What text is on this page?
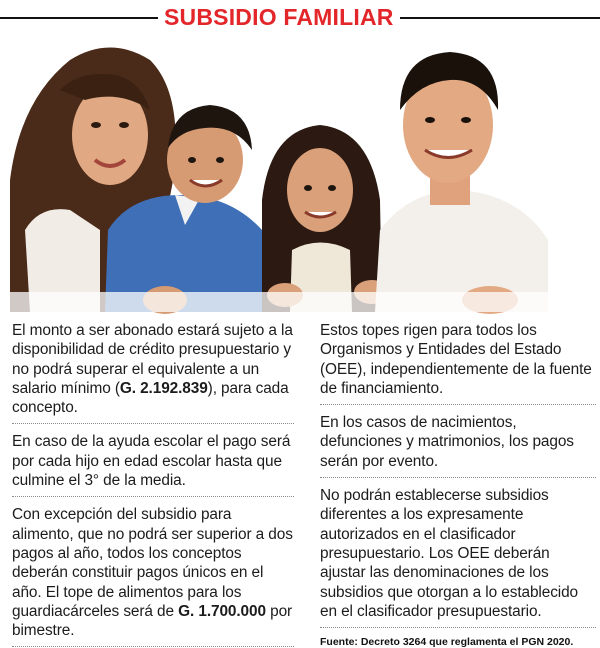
SUBSIDIO FAMILIAR

El monto a ser abonado estará sujeto a la disponibilidad de crédito presupuestario y no podrá superar el equivalente a un salario mínimo (G. 2.192.839), para cada concepto.

En caso de la ayuda escolar el pago será por cada hijo en edad escolar hasta que culmine el 3° de la media.

Con excepción del subsidio para alimento, que no podrá ser superior a dos pagos al año, todos los conceptos deberán constituir pagos únicos en el año. El tope de alimentos para los guardiacárceles será de G. 1.700.000 por bimestre.

Estos topes rigen para todos los Organismos y Entidades del Estado (OEE), independientemente de la fuente de financiamiento.

En los casos de nacimientos, defunciones y matrimonios, los pagos serán por evento.

No podrán establecerse subsidios diferentes a los expresamente autorizados en el clasificador presupuestario. Los OEE deberán ajustar las denominaciones de los subsidios que otorgan a lo establecido en el clasificador presupuestario.

Fuente: Decreto 3264 que reglamenta el PGN 2020.
